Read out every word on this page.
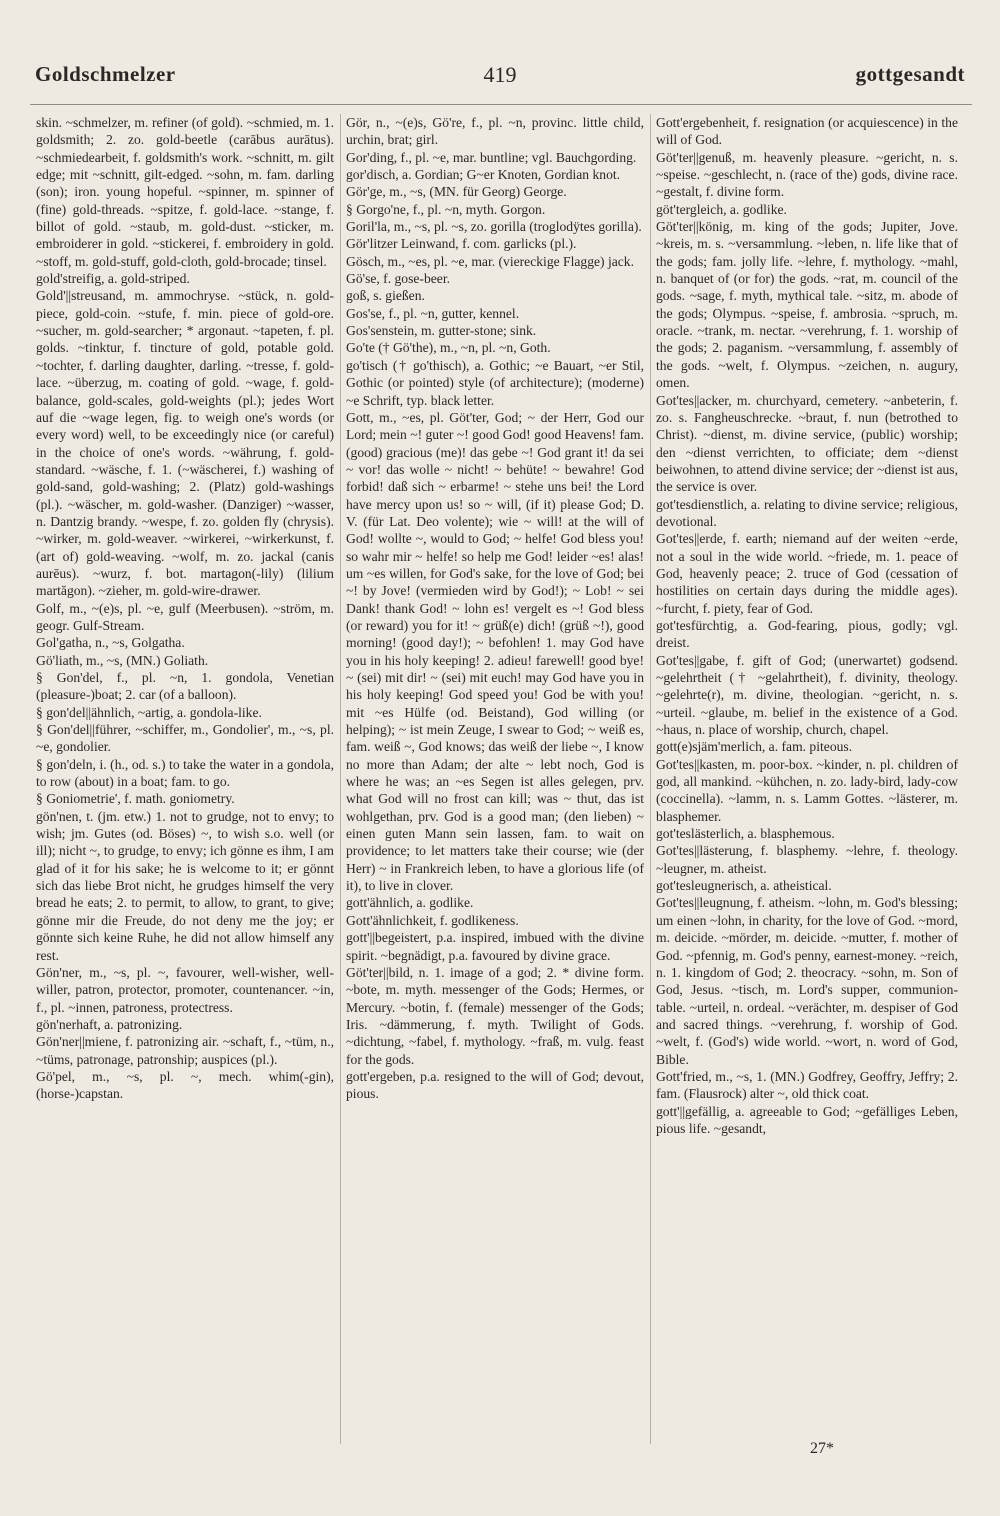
Goldschmelzer	419	gottgesandt

skin. ~schmelzer, m. refiner (of gold). ~schmied, m. 1. goldsmith; 2. zo. gold-beetle (carābus aurātus). ~schmiedearbeit, f. goldsmith's work. ~schnitt, m. gilt edge; mit ~schnitt, gilt-edged. ~sohn, m. fam. darling (son); iron. young hopeful. ~spinner, m. spinner of (fine) gold-threads. ~spitze, f. gold-lace. ~stange, f. billot of gold. ~staub, m. gold-dust. ~sticker, m. embroiderer in gold. ~stickerei, f. embroidery in gold. ~stoff, m. gold-stuff, gold-cloth, gold-brocade; tinsel.

gold'streifig, a. gold-striped.

Gold'||streusand, m. ammochryse. ~stück, n. gold-piece, gold-coin. ~stufe, f. min. piece of gold-ore. ~sucher, m. gold-searcher; * argonaut. ~tapeten, f. pl. golds. ~tinktur, f. tincture of gold, potable gold. ~tochter, f. darling daughter, darling. ~tresse, f. gold-lace. ~überzug, m. coating of gold. ~wage, f. gold-balance, gold-scales, gold-weights (pl.); jedes Wort auf die ~wage legen, fig. to weigh one's words (or every word) well, to be exceedingly nice (or careful) in the choice of one's words. ~währung, f. gold-standard. ~wäsche, f. 1. (~wäscherei, f.) washing of gold-sand, gold-washing; 2. (Platz) gold-washings (pl.). ~wäscher, m. gold-washer. (Danziger) ~wasser, n. Dantzig brandy. ~wespe, f. zo. golden fly (chrysis). ~wirker, m. gold-weaver. ~wirkerei, ~wirkerkunst, f. (art of) gold-weaving. ~wolf, m. zo. jackal (canis aurēus). ~wurz, f. bot. martagon(-lily) (lilium martăgon). ~zieher, m. gold-wire-drawer.

Golf, m., ~(e)s, pl. ~e, gulf (Meerbusen). ~ström, m. geogr. Gulf-Stream.

Gol'gatha, n., ~s, Golgatha.

Gö'liath, m., ~s, (MN.) Goliath.

§ Gon'del, f., pl. ~n, 1. gondola, Venetian (pleasure-)boat; 2. car (of a balloon).

§ gon'del||ähnlich, ~artig, a. gondola-like.

§ Gon'del||führer, ~schiffer, m., Gondolier', m., ~s, pl. ~e, gondolier.

§ gon'deln, i. (h., od. s.) to take the water in a gondola, to row (about) in a boat; fam. to go.

§ Goniometrie', f. math. goniometry.

gön'nen, t. (jm. etw.) 1. not to grudge, not to envy; to wish; jm. Gutes (od. Böses) ~, to wish s.o. well (or ill); nicht ~, to grudge, to envy; ich gönne es ihm, I am glad of it for his sake; he is welcome to it; er gönnt sich das liebe Brot nicht, he grudges himself the very bread he eats; 2. to permit, to allow, to grant, to give; gönne mir die Freude, do not deny me the joy; er gönnte sich keine Ruhe, he did not allow himself any rest.

Gön'ner, m., ~s, pl. ~, favourer, well-wisher, well-willer, patron, protector, promoter, countenancer. ~in, f., pl. ~innen, patroness, protectress.

gön'nerhaft, a. patronizing.

Gön'ner||miene, f. patronizing air. ~schaft, f., ~tüm, n., ~tüms, patronage, patronship; auspices (pl.).

Gö'pel, m., ~s, pl. ~, mech. whim(-gin), (horse-)capstan.

Gör, n., ~(e)s, Gö're, f., pl. ~n, provinc. little child, urchin, brat; girl.

Gor'ding, f., pl. ~e, mar. buntline; vgl. Bauchgording.

gor'disch, a. Gordian; G~er Knoten, Gordian knot.

Gör'ge, m., ~s, (MN. für Georg) George.

§ Gorgo'ne, f., pl. ~n, myth. Gorgon.

Goril'la, m., ~s, pl. ~s, zo. gorilla (troglodÿtes gorilla).

Gör'litzer Leinwand, f. com. garlicks (pl.).

Gösch, m., ~es, pl. ~e, mar. (viereckige Flagge) jack.

Gö'se, f. gose-beer.

goß, s. gießen.

Gos'se, f., pl. ~n, gutter, kennel.

Gos'senstein, m. gutter-stone; sink.

Go'te († Gö'the), m., ~n, pl. ~n, Goth.

go'tisch († go'thisch), a. Gothic; ~e Bauart, ~er Stil, Gothic (or pointed) style (of architecture); (moderne) ~e Schrift, typ. black letter.

Gott, m., ~es, pl. Göt'ter, God; ~ der Herr, God our Lord; mein ~! guter ~! good God! good Heavens! fam. (good) gracious (me)! das gebe ~! God grant it! da sei ~ vor! das wolle ~ nicht! ~ behüte! ~ bewahre! God forbid! daß sich ~ erbarme! ~ stehe uns bei! the Lord have mercy upon us! so ~ will, (if it) please God; D. V. (für Lat. Deo volente); wie ~ will! at the will of God! wollte ~, would to God; ~ helfe! God bless you! so wahr mir ~ helfe! so help me God! leider ~es! alas! um ~es willen, for God's sake, for the love of God; bei ~! by Jove! (vermieden wird by God!); ~ Lob! ~ sei Dank! thank God! ~ lohn es! vergelt es ~! God bless (or reward) you for it! ~ grüß(e) dich! (grüß ~!), good morning! (good day!); ~ befohlen! 1. may God have you in his holy keeping! 2. adieu! farewell! good bye! ~ (sei) mit dir! ~ (sei) mit euch! may God have you in his holy keeping! God speed you! God be with you! mit ~es Hülfe (od. Beistand), God willing (or helping); ~ ist mein Zeuge, I swear to God; ~ weiß es, fam. weiß ~, God knows; das weiß der liebe ~, I know no more than Adam; der alte ~ lebt noch, God is where he was; an ~es Segen ist alles gelegen, prv. what God will no frost can kill; was ~ thut, das ist wohlgethan, prv. God is a good man; (den lieben) ~ einen guten Mann sein lassen, fam. to wait on providence; to let matters take their course; wie (der Herr) ~ in Frankreich leben, to have a glorious life (of it), to live in clover.

gott'ähnlich, a. godlike.

Gott'ähnlichkeit, f. godlikeness.

gott'||begeistert, p.a. inspired, imbued with the divine spirit. ~begnädigt, p.a. favoured by divine grace.

Göt'ter||bild, n. 1. image of a god; 2. * divine form. ~bote, m. myth. messenger of the Gods; Hermes, or Mercury. ~botin, f. (female) messenger of the Gods; Iris. ~dämmerung, f. myth. Twilight of Gods. ~dichtung, ~fabel, f. mythology. ~fraß, m. vulg. feast for the gods.

gott'ergeben, p.a. resigned to the will of God; devout, pious.

Gott'ergebenheit, f. resignation (or acquiescence) in the will of God.

Göt'ter||genuß, m. heavenly pleasure. ~gericht, n. s. ~speise. ~geschlecht, n. (race of the) gods, divine race. ~gestalt, f. divine form.

göt'tergleich, a. godlike.

Göt'ter||könig, m. king of the gods; Jupiter, Jove. ~kreis, m. s. ~versammlung. ~leben, n. life like that of the gods; fam. jolly life. ~lehre, f. mythology. ~mahl, n. banquet of (or for) the gods. ~rat, m. council of the gods. ~sage, f. myth, mythical tale. ~sitz, m. abode of the gods; Olympus. ~speise, f. ambrosia. ~spruch, m. oracle. ~trank, m. nectar. ~verehrung, f. 1. worship of the gods; 2. paganism. ~versammlung, f. assembly of the gods. ~welt, f. Olympus. ~zeichen, n. augury, omen.

Got'tes||acker, m. churchyard, cemetery. ~anbeterin, f. zo. s. Fangheuschrecke. ~braut, f. nun (betrothed to Christ). ~dienst, m. divine service, (public) worship; den ~dienst verrichten, to officiate; dem ~dienst beiwohnen, to attend divine service; der ~dienst ist aus, the service is over.

got'tesdienstlich, a. relating to divine service; religious, devotional.

Got'tes||erde, f. earth; niemand auf der weiten ~erde, not a soul in the wide world. ~friede, m. 1. peace of God, heavenly peace; 2. truce of God (cessation of hostilities on certain days during the middle ages). ~furcht, f. piety, fear of God.

got'tesfürchtig, a. God-fearing, pious, godly; vgl. dreist.

Got'tes||gabe, f. gift of God; (unerwartet) godsend. ~gelehrtheit († ~gelahrtheit), f. divinity, theology. ~gelehrte(r), m. divine, theologian. ~gericht, n. s. ~urteil. ~glaube, m. belief in the existence of a God. ~haus, n. place of worship, church, chapel.

gott(e)sjäm'merlich, a. fam. piteous.

Got'tes||kasten, m. poor-box. ~kinder, n. pl. children of god, all mankind. ~kühchen, n. zo. lady-bird, lady-cow (coccinella). ~lamm, n. s. Lamm Gottes. ~lästerer, m. blasphemer.

got'teslästerlich, a. blasphemous.

Got'tes||lästerung, f. blasphemy. ~lehre, f. theology. ~leugner, m. atheist.

got'tesleugnerisch, a. atheistical.

Got'tes||leugnung, f. atheism. ~lohn, m. God's blessing; um einen ~lohn, in charity, for the love of God. ~mord, m. deicide. ~mörder, m. deicide. ~mutter, f. mother of God. ~pfennig, m. God's penny, earnest-money. ~reich, n. 1. kingdom of God; 2. theocracy. ~sohn, m. Son of God, Jesus. ~tisch, m. Lord's supper, communion-table. ~urteil, n. ordeal. ~verächter, m. despiser of God and sacred things. ~verehrung, f. worship of God. ~welt, f. (God's) wide world. ~wort, n. word of God, Bible.

Gott'fried, m., ~s, 1. (MN.) Godfrey, Geoffry, Jeffry; 2. fam. (Flausrock) alter ~, old thick coat.

gott'||gefällig, a. agreeable to God; ~gefälliges Leben, pious life. ~gesandt,

27*
